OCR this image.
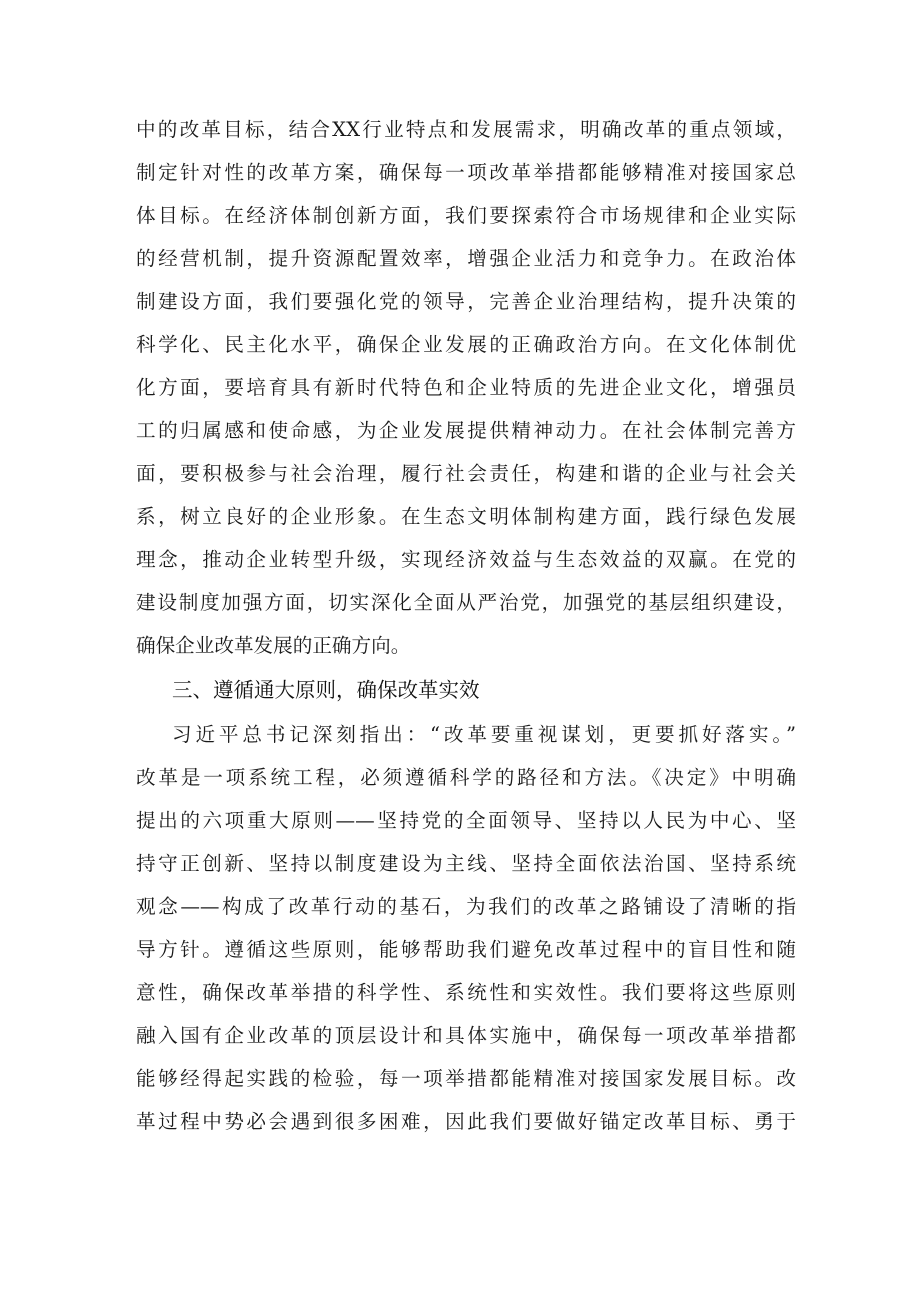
中的改革目标，结合XX行业特点和发展需求，明确改革的重点领域，
制定针对性的改革方案，确保每一项改革举措都能够精准对接国家总
体目标。在经济体制创新方面，我们要探索符合市场规律和企业实际
的经营机制，提升资源配置效率，增强企业活力和竞争力。在政治体
制建设方面，我们要强化党的领导，完善企业治理结构，提升决策的
科学化、民主化水平，确保企业发展的正确政治方向。在文化体制优
化方面，要培育具有新时代特色和企业特质的先进企业文化，增强员
工的归属感和使命感，为企业发展提供精神动力。在社会体制完善方
面，要积极参与社会治理，履行社会责任，构建和谐的企业与社会关
系，树立良好的企业形象。在生态文明体制构建方面，践行绿色发展
理念，推动企业转型升级，实现经济效益与生态效益的双赢。在党的
建设制度加强方面，切实深化全面从严治党，加强党的基层组织建设，
确保企业改革发展的正确方向。
三、遵循通大原则，确保改革实效
习近平总书记深刻指出：“改革要重视谋划，更要抓好落实。”
改革是一项系统工程，必须遵循科学的路径和方法。《决定》中明确
提出的六项重大原则——坚持党的全面领导、坚持以人民为中心、坚
持守正创新、坚持以制度建设为主线、坚持全面依法治国、坚持系统
观念——构成了改革行动的基石，为我们的改革之路铺设了清晰的指
导方针。遵循这些原则，能够帮助我们避免改革过程中的盲目性和随
意性，确保改革举措的科学性、系统性和实效性。我们要将这些原则
融入国有企业改革的顶层设计和具体实施中，确保每一项改革举措都
能够经得起实践的检验，每一项举措都能精准对接国家发展目标。改
革过程中势必会遇到很多困难，因此我们要做好锚定改革目标、勇于
